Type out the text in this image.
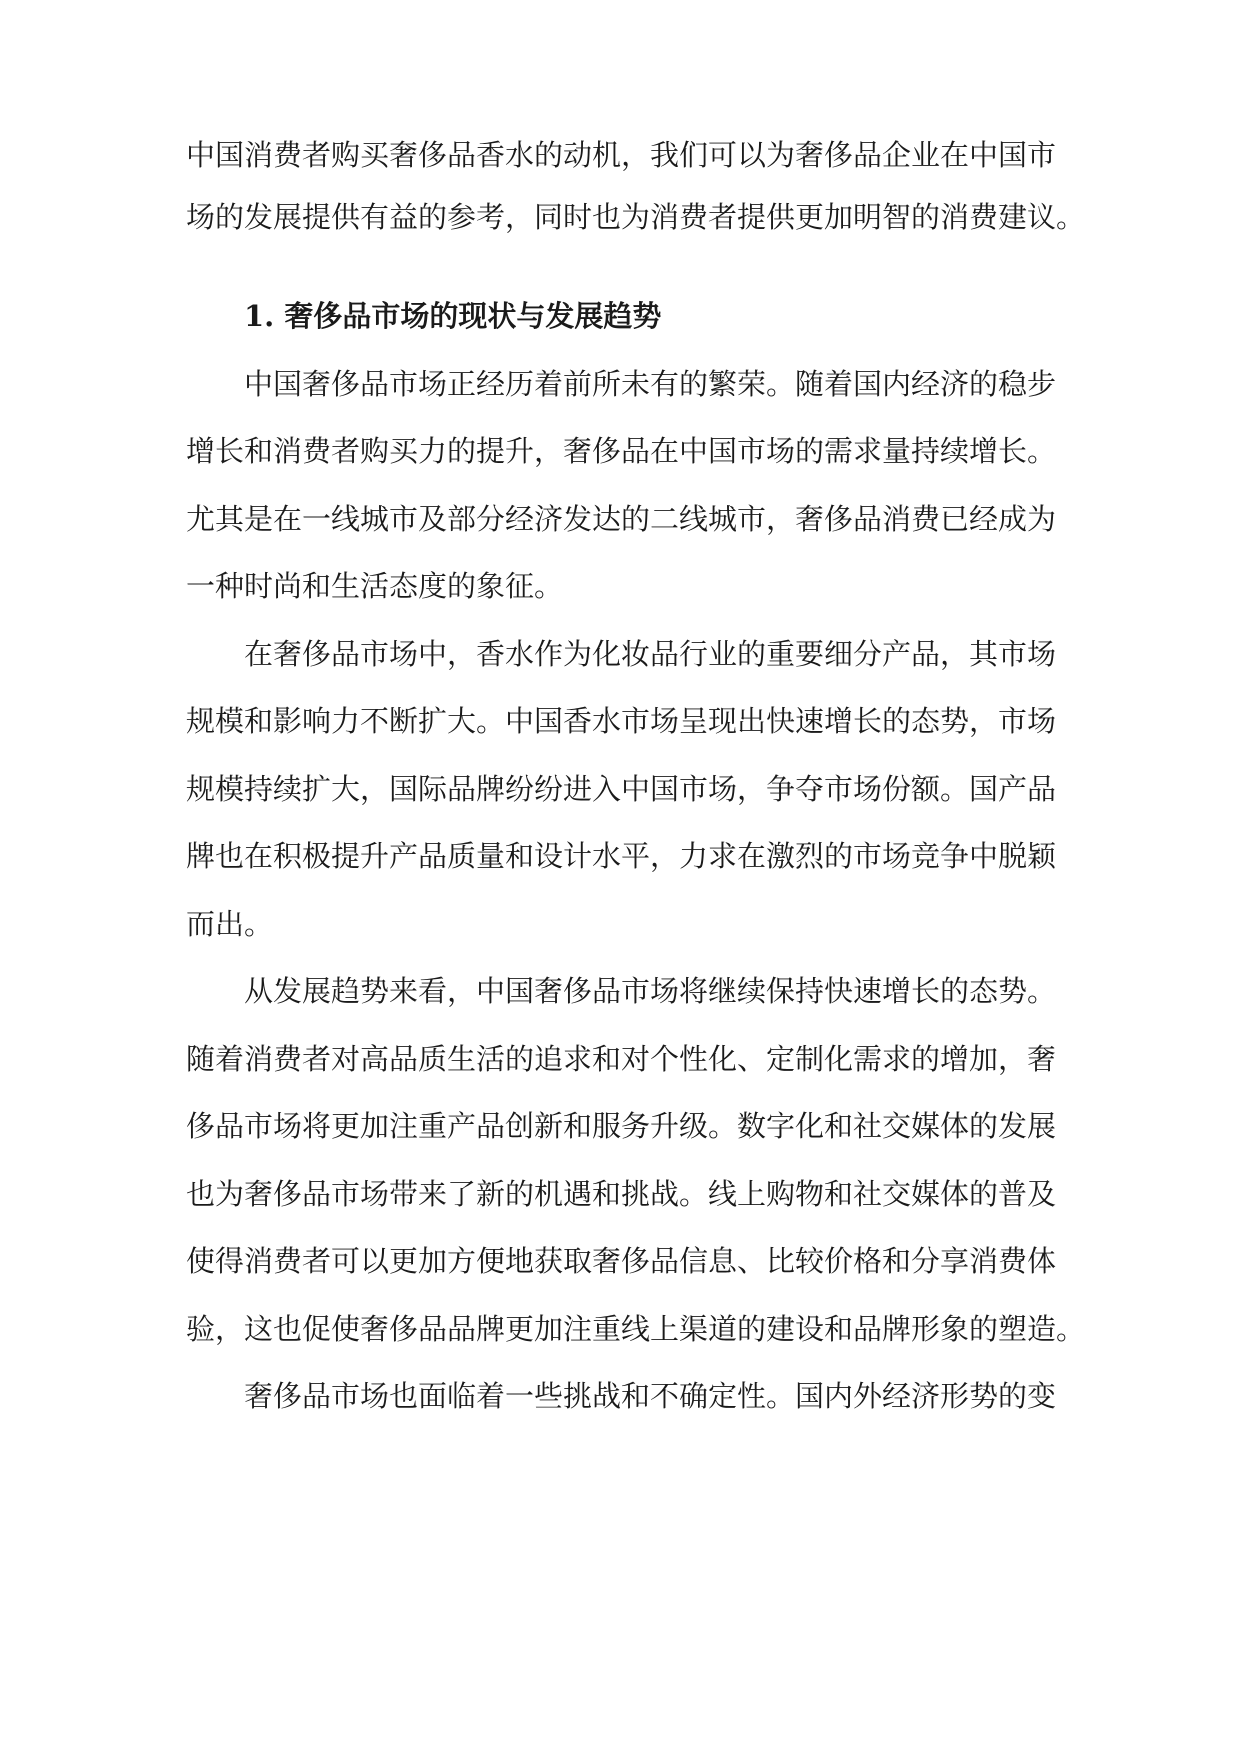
中国消费者购买奢侈品香水的动机，我们可以为奢侈品企业在中国市
场的发展提供有益的参考，同时也为消费者提供更加明智的消费建议。
1. 奢侈品市场的现状与发展趋势
中国奢侈品市场正经历着前所未有的繁荣。随着国内经济的稳步
增长和消费者购买力的提升，奢侈品在中国市场的需求量持续增长。
尤其是在一线城市及部分经济发达的二线城市，奢侈品消费已经成为
一种时尚和生活态度的象征。
在奢侈品市场中，香水作为化妆品行业的重要细分产品，其市场
规模和影响力不断扩大。中国香水市场呈现出快速增长的态势，市场
规模持续扩大，国际品牌纷纷进入中国市场，争夺市场份额。国产品
牌也在积极提升产品质量和设计水平，力求在激烈的市场竞争中脱颖
而出。
从发展趋势来看，中国奢侈品市场将继续保持快速增长的态势。
随着消费者对高品质生活的追求和对个性化、定制化需求的增加，奢
侈品市场将更加注重产品创新和服务升级。数字化和社交媒体的发展
也为奢侈品市场带来了新的机遇和挑战。线上购物和社交媒体的普及
使得消费者可以更加方便地获取奢侈品信息、比较价格和分享消费体
验，这也促使奢侈品品牌更加注重线上渠道的建设和品牌形象的塑造。
奢侈品市场也面临着一些挑战和不确定性。国内外经济形势的变
